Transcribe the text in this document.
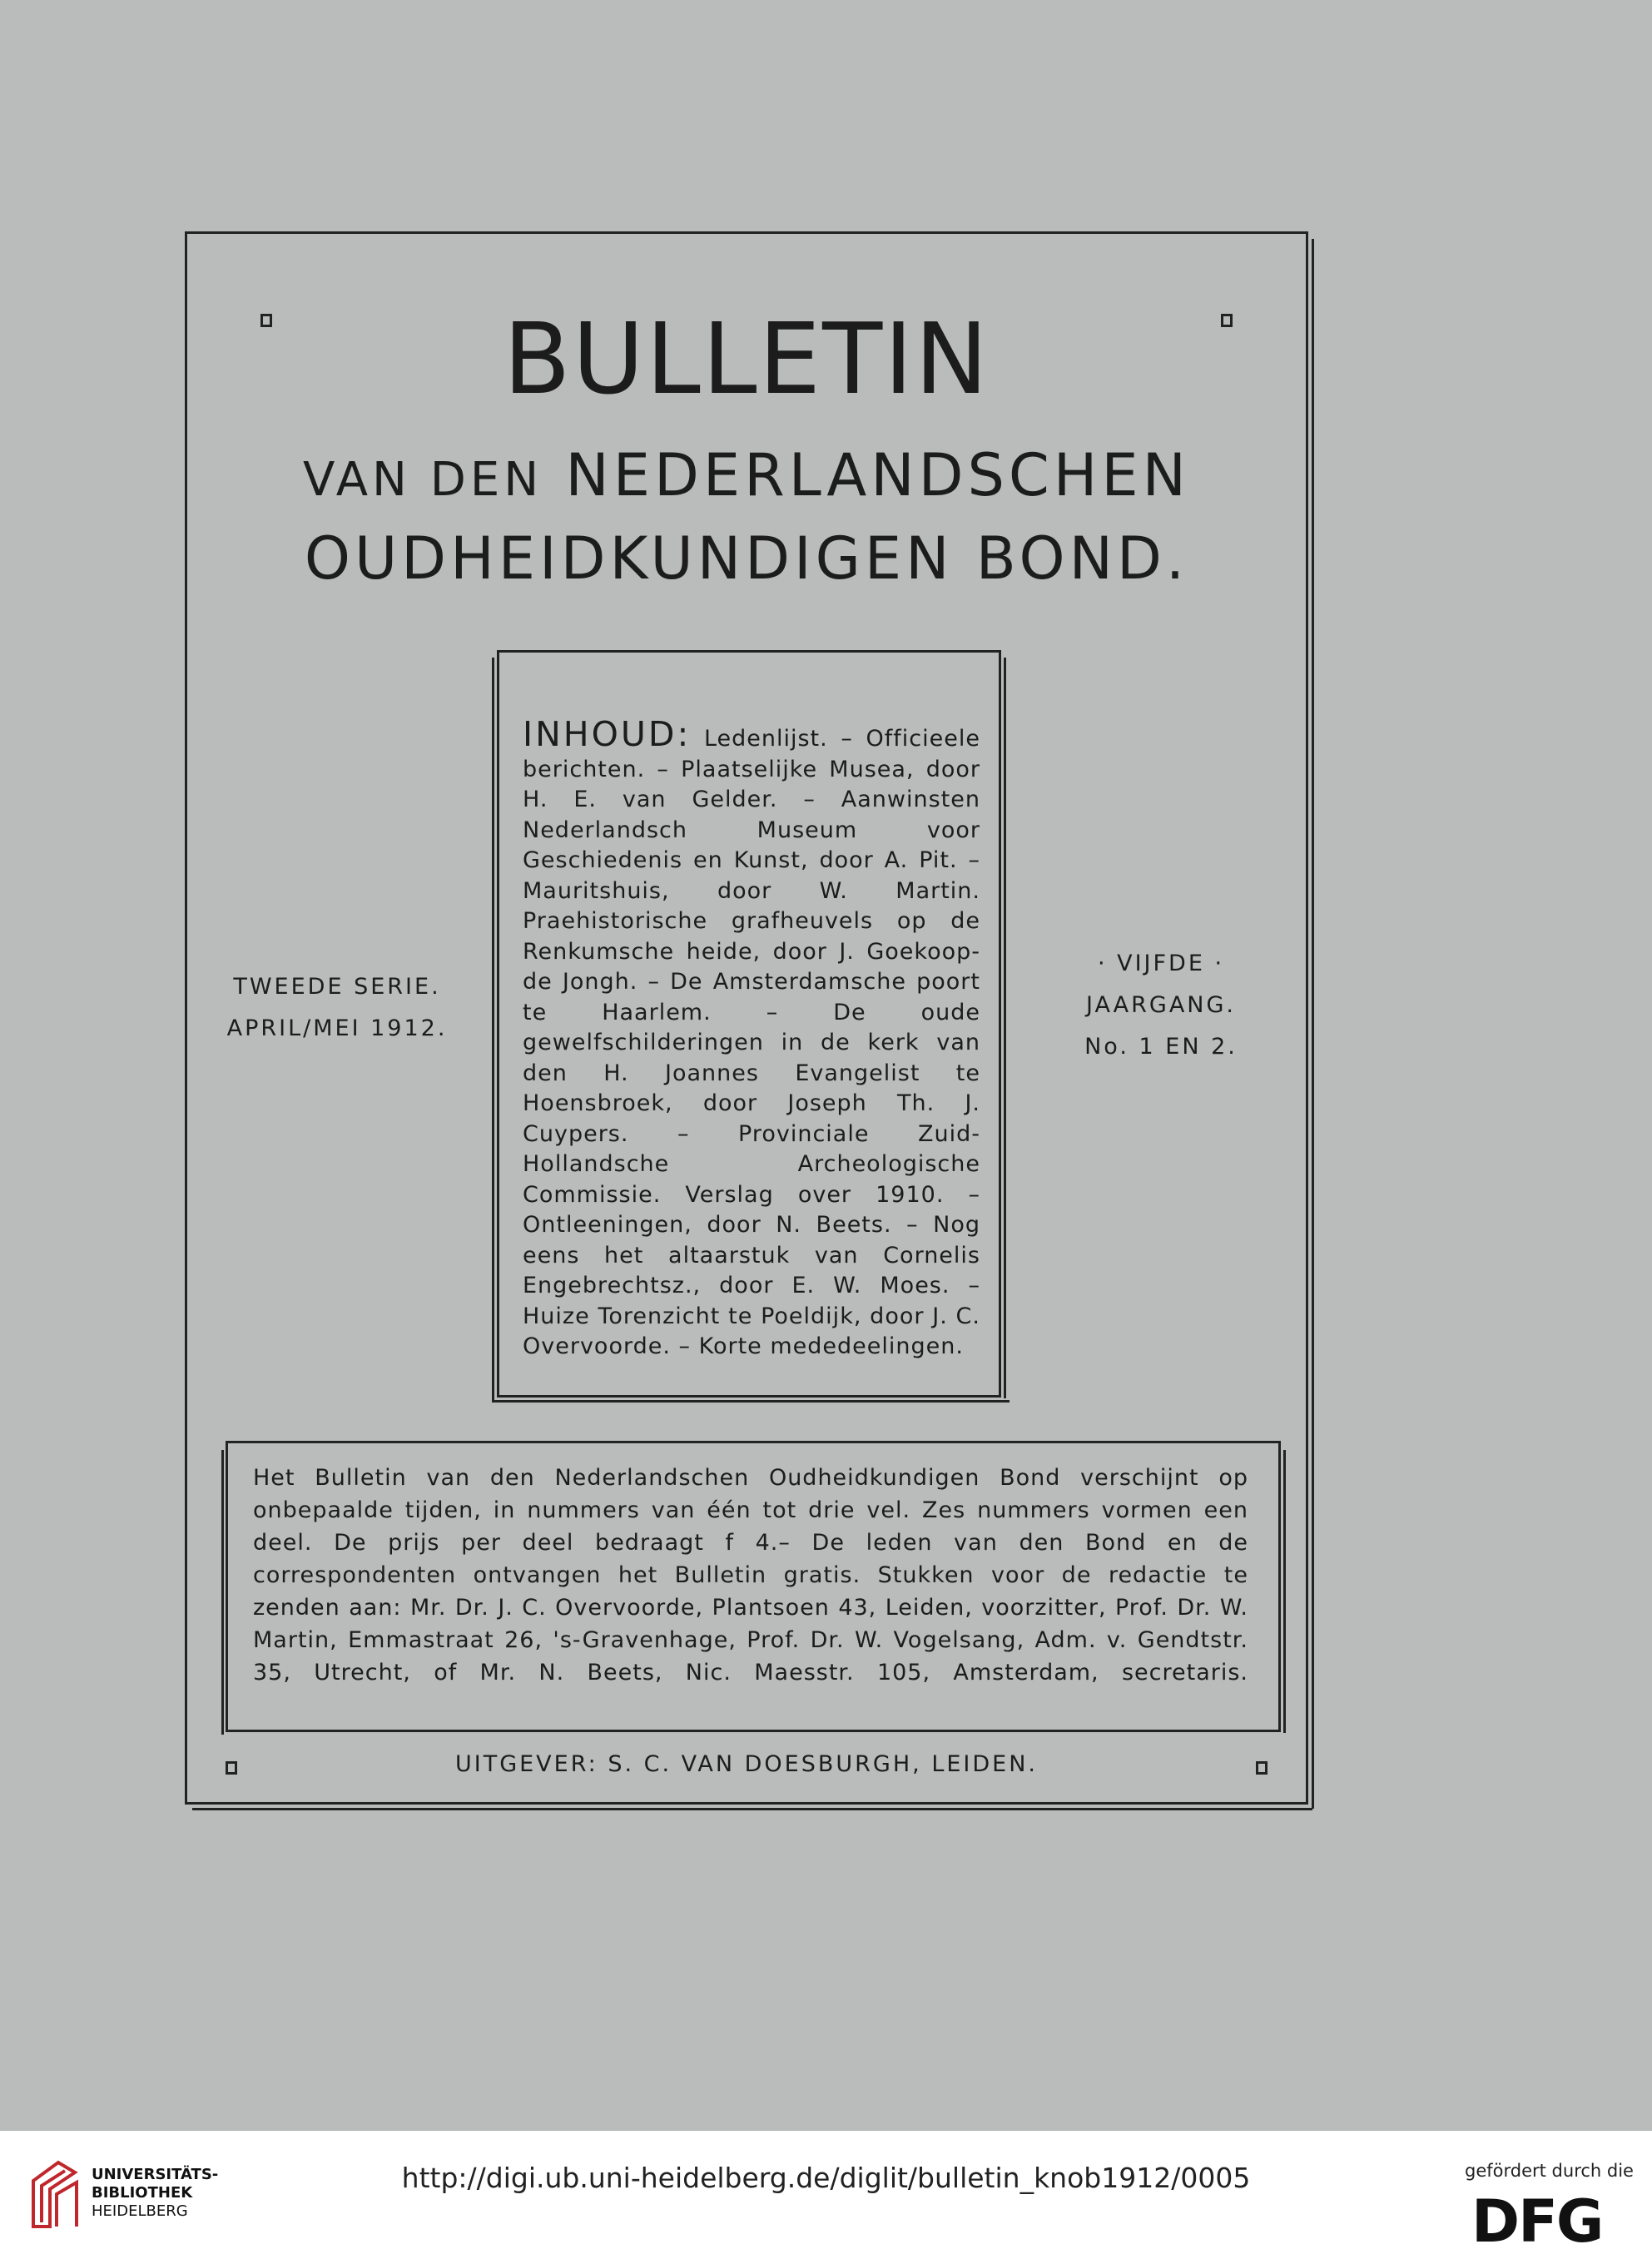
BULLETIN
VAN DEN NEDERLANDSCHEN
OUDHEIDKUNDIGEN BOND.
TWEEDE SERIE.
APRIL/MEI 1912.
· VIJFDE ·
JAARGANG.
No. 1 EN 2.
INHOUD: Ledenlijst. – Officieele berichten. – Plaatselijke Musea, door H. E. van Gelder. – Aanwinsten Nederlandsch Museum voor Geschiedenis en Kunst, door A. Pit. – Mauritshuis, door W. Martin. Praehistorische grafheuvels op de Renkumsche heide, door J. Goekoop-de Jongh. – De Amsterdamsche poort te Haarlem. – De oude gewelfschilderingen in de kerk van den H. Joannes Evangelist te Hoensbroek, door Joseph Th. J. Cuypers. – Provinciale Zuid-Hollandsche Archeologische Commissie. Verslag over 1910. – Ontleeningen, door N. Beets. – Nog eens het altaarstuk van Cornelis Engebrechtsz., door E. W. Moes. – Huize Torenzicht te Poeldijk, door J. C. Overvoorde. – Korte mededeelingen.
Het Bulletin van den Nederlandschen Oudheidkundigen Bond verschijnt op onbepaalde tijden, in nummers van één tot drie vel. Zes nummers vormen een deel. De prijs per deel bedraagt f 4.– De leden van den Bond en de correspondenten ontvangen het Bulletin gratis. Stukken voor de redactie te zenden aan: Mr. Dr. J. C. Overvoorde, Plantsoen 43, Leiden, voorzitter, Prof. Dr. W. Martin, Emmastraat 26, 's-Gravenhage, Prof. Dr. W. Vogelsang, Adm. v. Gendtstr. 35, Utrecht, of Mr. N. Beets, Nic. Maesstr. 105, Amsterdam, secretaris.
UITGEVER: S. C. VAN DOESBURGH, LEIDEN.
UNIVERSITÄTS-
BIBLIOTHEK
HEIDELBERG
http://digi.ub.uni-heidelberg.de/diglit/bulletin_knob1912/0005	gefördert durch die
DFG
